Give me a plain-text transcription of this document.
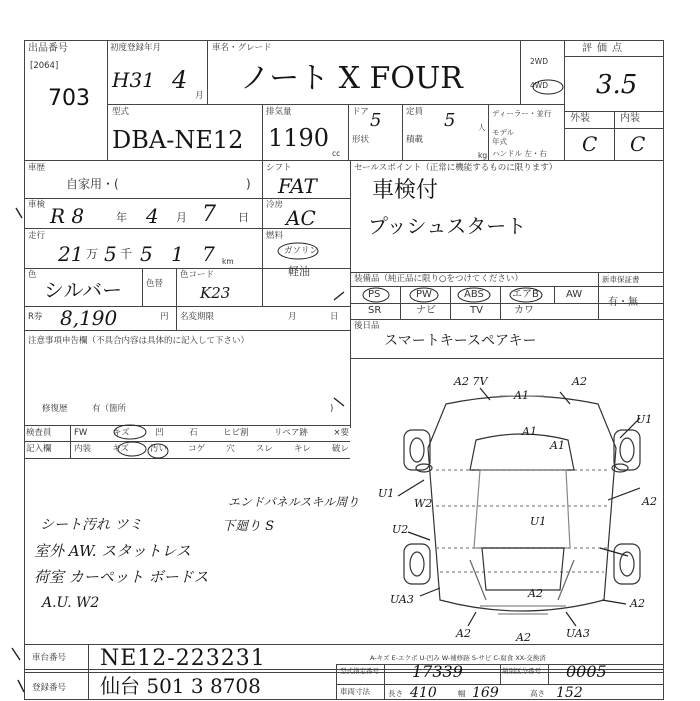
出品番号
[2064]
703
初度登録年月
H31 4
月
車名・グレード
ノート X FOUR	2WD
4WD
評価点
3.5
外装	内装
C C
型式
DBA-NE12
排気量
1190
cc
ドア 5
形状
定員 5	人
積載
kg
ディーラー・並行
モデル年式
ハンドル 左・右
車歴
自家用・(	)
シフト
FAT
車検 R 8	年 4 月 7 日
冷房
AC
走行
21 万 5 千 5 1 7 km
燃料
ガソリン
軽油
色
シルバー	色替
色コード
K23
R券 8,190	円 名変期限	月	日
注意事項申告欄（不具合内容は具体的に記入して下さい）
修復歴	有（箇所	)
検査員
記入欄
FW	キズ	凹	石	ヒビ割	リペア跡	×要
内装 キズ 汚い コゲ 穴 スレ キレ 破レ
セールスポイント（正常に機能するものに限ります）
車検付
プッシュスタート
装備品（純正品に限り○をつけてください）	新車保証書
PS	PW	ABS	エアB	AW
SR	ナビ	TV	カワ
有・無
後日品
スマートキースペアキー
エンドパネルスキル周り
下廻り S
シート汚れ ツミ
室外 AW. スタットレス
荷室 カーペット ボードス
A.U. W2
A2 7V	A2
A1
A1
U1
A1
U1
W2
U2
A2
U1
UA3	A2
A2
UA3
A2	A2
A-キズ E-エクボ U-凹み W-補修跡 S-サビ C-腐食 XX-交換済
車台番号 NE12-223231
登録番号 仙台 501 3 8708
型式指定番号 17339	類別区分番号 0005
車両寸法 長さ 410	幅 169	高さ 152
